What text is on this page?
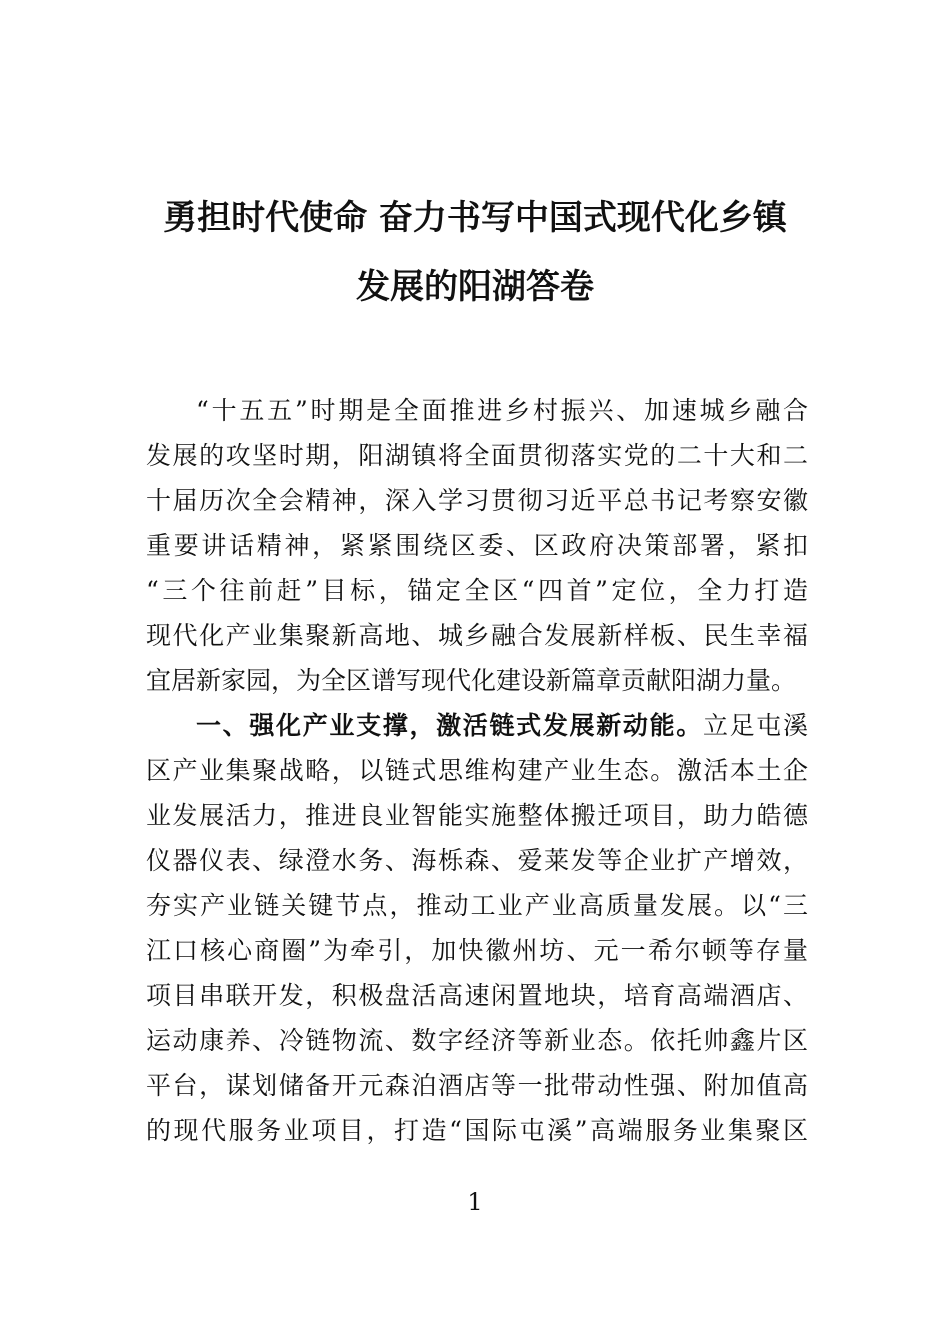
勇担时代使命 奋力书写中国式现代化乡镇
发展的阳湖答卷
“十五五”时期是全面推进乡村振兴、加速城乡融合
发展的攻坚时期，阳湖镇将全面贯彻落实党的二十大和二
十届历次全会精神，深入学习贯彻习近平总书记考察安徽
重要讲话精神，紧紧围绕区委、区政府决策部署，紧扣
“三个往前赶”目标，锚定全区“四首”定位，全力打造
现代化产业集聚新高地、城乡融合发展新样板、民生幸福
宜居新家园，为全区谱写现代化建设新篇章贡献阳湖力量。
一、强化产业支撑，激活链式发展新动能。立足屯溪
区产业集聚战略，以链式思维构建产业生态。激活本土企
业发展活力，推进良业智能实施整体搬迁项目，助力皓德
仪器仪表、绿澄水务、海栎森、爱莱发等企业扩产增效，
夯实产业链关键节点，推动工业产业高质量发展。以“三
江口核心商圈”为牵引，加快徽州坊、元一希尔顿等存量
项目串联开发，积极盘活高速闲置地块，培育高端酒店、
运动康养、冷链物流、数字经济等新业态。依托帅鑫片区
平台，谋划储备开元森泊酒店等一批带动性强、附加值高
的现代服务业项目，打造“国际屯溪”高端服务业集聚区
1
